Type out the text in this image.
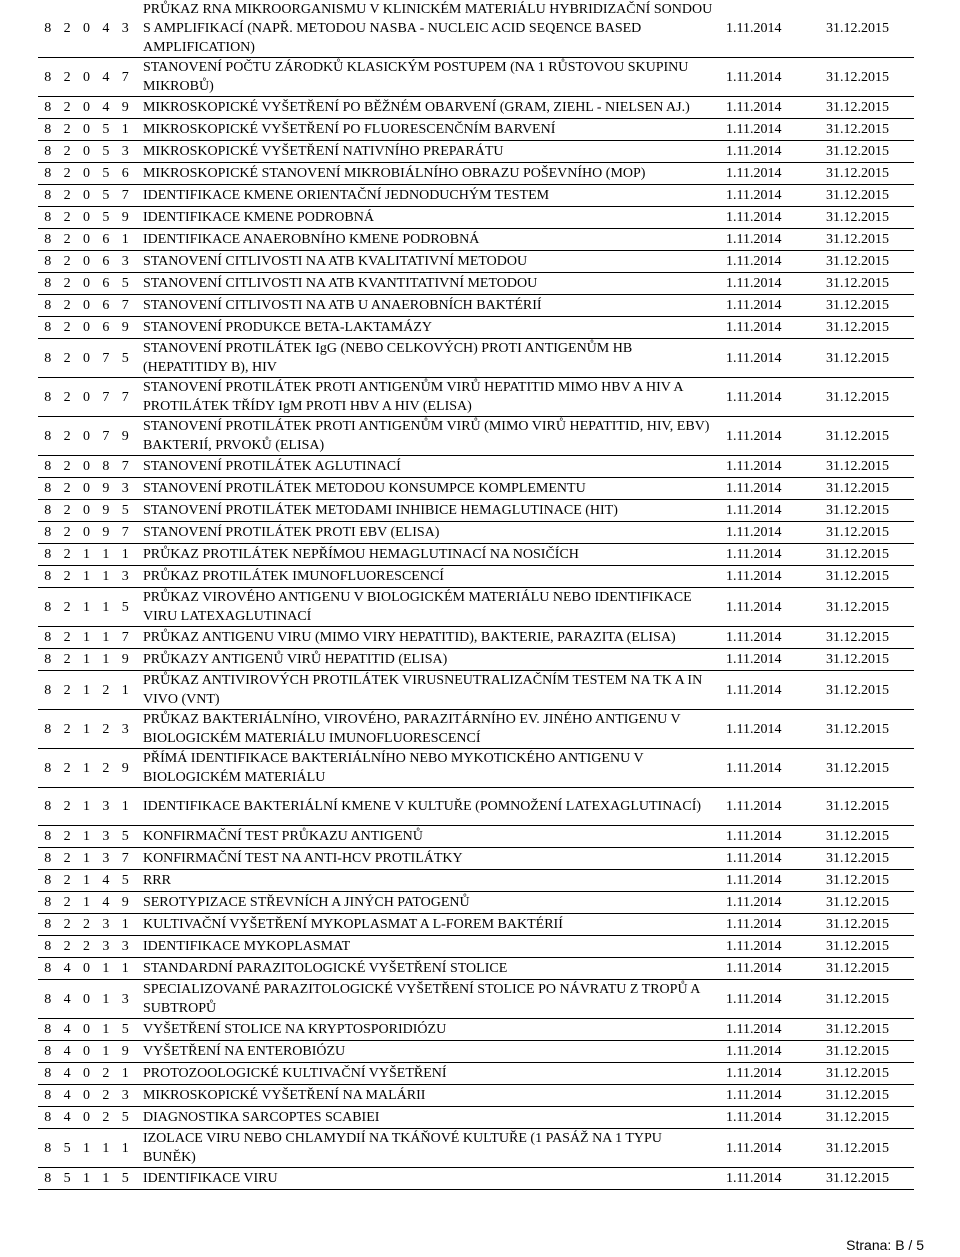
8	2	0	4	3	PRŮKAZ RNA MIKROORGANISMU V KLINICKÉM MATERIÁLU HYBRIDIZAČNÍ SONDOU S AMPLIFIKACÍ (NAPŘ. METODOU NASBA - NUCLEIC ACID SEQENCE BASED AMPLIFICATION)	1.11.2014	31.12.2015
8	2	0	4	7	STANOVENÍ POČTU ZÁRODKŮ KLASICKÝM POSTUPEM (NA 1 RŮSTOVOU SKUPINU MIKROBŮ)	1.11.2014	31.12.2015
8	2	0	4	9	MIKROSKOPICKÉ VYŠETŘENÍ PO BĚŽNÉM OBARVENÍ (GRAM, ZIEHL - NIELSEN AJ.)	1.11.2014	31.12.2015
8	2	0	5	1	MIKROSKOPICKÉ VYŠETŘENÍ PO FLUORESCENČNÍM BARVENÍ	1.11.2014	31.12.2015
8	2	0	5	3	MIKROSKOPICKÉ VYŠETŘENÍ NATIVNÍHO PREPARÁTU	1.11.2014	31.12.2015
8	2	0	5	6	MIKROSKOPICKÉ STANOVENÍ MIKROBIÁLNÍHO OBRAZU POŠEVNÍHO (MOP)	1.11.2014	31.12.2015
8	2	0	5	7	IDENTIFIKACE KMENE ORIENTAČNÍ JEDNODUCHÝM TESTEM	1.11.2014	31.12.2015
8	2	0	5	9	IDENTIFIKACE KMENE PODROBNÁ	1.11.2014	31.12.2015
8	2	0	6	1	IDENTIFIKACE ANAEROBNÍHO KMENE PODROBNÁ	1.11.2014	31.12.2015
8	2	0	6	3	STANOVENÍ CITLIVOSTI NA ATB KVALITATIVNÍ METODOU	1.11.2014	31.12.2015
8	2	0	6	5	STANOVENÍ CITLIVOSTI NA ATB KVANTITATIVNÍ METODOU	1.11.2014	31.12.2015
8	2	0	6	7	STANOVENÍ CITLIVOSTI NA ATB U ANAEROBNÍCH BAKTÉRIÍ	1.11.2014	31.12.2015
8	2	0	6	9	STANOVENÍ PRODUKCE BETA-LAKTAMÁZY	1.11.2014	31.12.2015
8	2	0	7	5	STANOVENÍ PROTILÁTEK IgG (NEBO CELKOVÝCH) PROTI ANTIGENŮM HB (HEPATITIDY B), HIV	1.11.2014	31.12.2015
8	2	0	7	7	STANOVENÍ PROTILÁTEK PROTI ANTIGENŮM VIRŮ HEPATITID MIMO HBV A HIV A PROTILÁTEK TŘÍDY IgM PROTI HBV A HIV (ELISA)	1.11.2014	31.12.2015
8	2	0	7	9	STANOVENÍ PROTILÁTEK PROTI ANTIGENŮM VIRŮ (MIMO VIRŮ HEPATITID, HIV, EBV) BAKTERIÍ, PRVOKŮ (ELISA)	1.11.2014	31.12.2015
8	2	0	8	7	STANOVENÍ PROTILÁTEK AGLUTINACÍ	1.11.2014	31.12.2015
8	2	0	9	3	STANOVENÍ PROTILÁTEK METODOU KONSUMPCE KOMPLEMENTU	1.11.2014	31.12.2015
8	2	0	9	5	STANOVENÍ PROTILÁTEK METODAMI INHIBICE HEMAGLUTINACE (HIT)	1.11.2014	31.12.2015
8	2	0	9	7	STANOVENÍ PROTILÁTEK PROTI EBV (ELISA)	1.11.2014	31.12.2015
8	2	1	1	1	PRŮKAZ PROTILÁTEK NEPŘÍMOU HEMAGLUTINACÍ NA NOSIČÍCH	1.11.2014	31.12.2015
8	2	1	1	3	PRŮKAZ PROTILÁTEK IMUNOFLUORESCENCÍ	1.11.2014	31.12.2015
8	2	1	1	5	PRŮKAZ VIROVÉHO ANTIGENU V BIOLOGICKÉM MATERIÁLU NEBO IDENTIFIKACE VIRU LATEXAGLUTINACÍ	1.11.2014	31.12.2015
8	2	1	1	7	PRŮKAZ ANTIGENU VIRU (MIMO VIRY HEPATITID), BAKTERIE, PARAZITA (ELISA)	1.11.2014	31.12.2015
8	2	1	1	9	PRŮKAZY ANTIGENŮ VIRŮ HEPATITID (ELISA)	1.11.2014	31.12.2015
8	2	1	2	1	PRŮKAZ ANTIVIROVÝCH PROTILÁTEK VIRUSNEUTRALIZAČNÍM TESTEM NA TK A IN VIVO (VNT)	1.11.2014	31.12.2015
8	2	1	2	3	PRŮKAZ BAKTERIÁLNÍHO, VIROVÉHO, PARAZITÁRNÍHO EV. JINÉHO ANTIGENU V BIOLOGICKÉM MATERIÁLU IMUNOFLUORESCENCÍ	1.11.2014	31.12.2015
8	2	1	2	9	PŘÍMÁ IDENTIFIKACE BAKTERIÁLNÍHO NEBO MYKOTICKÉHO ANTIGENU V BIOLOGICKÉM MATERIÁLU	1.11.2014	31.12.2015
8	2	1	3	1	IDENTIFIKACE BAKTERIÁLNÍ KMENE V KULTUŘE (POMNOŽENÍ LATEXAGLUTINACÍ)	1.11.2014	31.12.2015
8	2	1	3	5	KONFIRMAČNÍ TEST PRŮKAZU ANTIGENŮ	1.11.2014	31.12.2015
8	2	1	3	7	KONFIRMAČNÍ TEST NA ANTI-HCV PROTILÁTKY	1.11.2014	31.12.2015
8	2	1	4	5	RRR	1.11.2014	31.12.2015
8	2	1	4	9	SEROTYPIZACE STŘEVNÍCH A JINÝCH PATOGENŮ	1.11.2014	31.12.2015
8	2	2	3	1	KULTIVAČNÍ VYŠETŘENÍ MYKOPLASMAT A L-FOREM BAKTÉRIÍ	1.11.2014	31.12.2015
8	2	2	3	3	IDENTIFIKACE MYKOPLASMAT	1.11.2014	31.12.2015
8	4	0	1	1	STANDARDNÍ PARAZITOLOGICKÉ VYŠETŘENÍ STOLICE	1.11.2014	31.12.2015
8	4	0	1	3	SPECIALIZOVANÉ PARAZITOLOGICKÉ VYŠETŘENÍ STOLICE PO NÁVRATU Z TROPŮ A SUBTROPŮ	1.11.2014	31.12.2015
8	4	0	1	5	VYŠETŘENÍ STOLICE NA KRYPTOSPORIDIÓZU	1.11.2014	31.12.2015
8	4	0	1	9	VYŠETŘENÍ NA ENTEROBIÓZU	1.11.2014	31.12.2015
8	4	0	2	1	PROTOZOOLOGICKÉ KULTIVAČNÍ VYŠETŘENÍ	1.11.2014	31.12.2015
8	4	0	2	3	MIKROSKOPICKÉ VYŠETŘENÍ NA MALÁRII	1.11.2014	31.12.2015
8	4	0	2	5	DIAGNOSTIKA SARCOPTES SCABIEI	1.11.2014	31.12.2015
8	5	1	1	1	IZOLACE VIRU NEBO CHLAMYDIÍ NA TKÁŇOVÉ KULTUŘE (1 PASÁŽ NA 1 TYPU BUNĚK)	1.11.2014	31.12.2015
8	5	1	1	5	IDENTIFIKACE VIRU	1.11.2014	31.12.2015
Strana: B / 5
